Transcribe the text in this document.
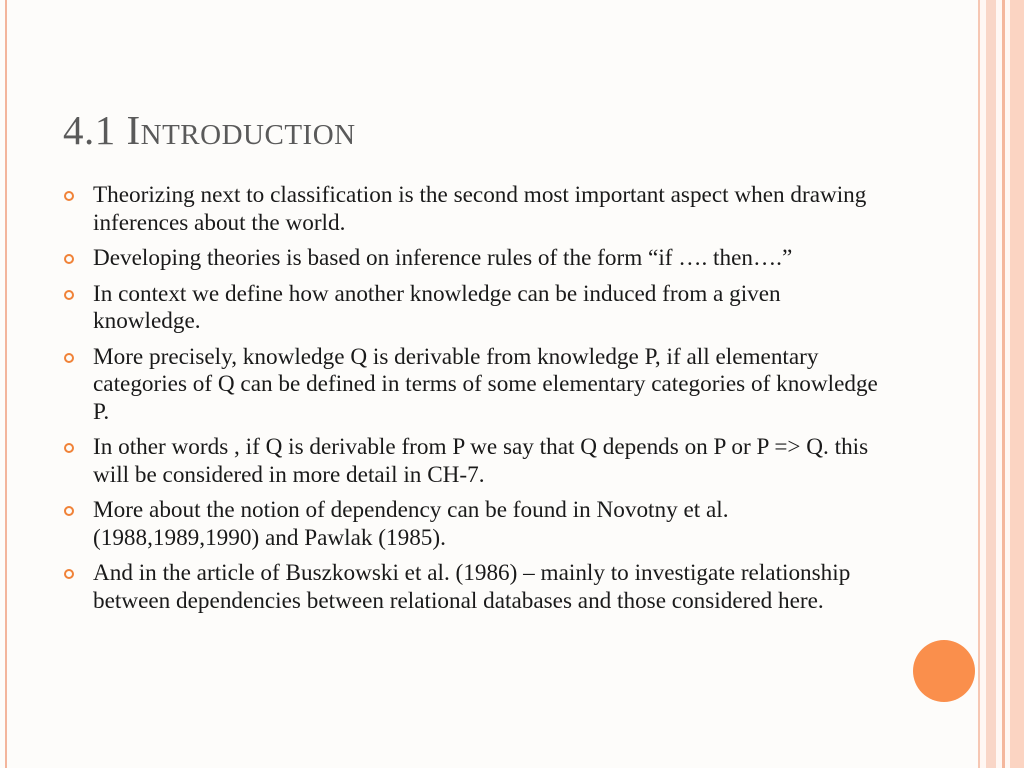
4.1 Introduction
Theorizing next to classification is the second most important aspect when drawing inferences about the world.
Developing theories is based on inference rules of the form “if …. then….”
In context we define how another knowledge can be induced from a given knowledge.
More precisely, knowledge Q is derivable from knowledge P, if all elementary categories of Q can be defined in terms of some elementary categories of knowledge P.
In other words , if Q is derivable from P we say that Q depends on P or P => Q. this will be considered in more detail in CH-7.
More about the notion of dependency can be found in Novotny et al. (1988,1989,1990) and Pawlak (1985).
And in the article of Buszkowski et al. (1986) – mainly to investigate relationship between dependencies between relational databases and those considered here.
